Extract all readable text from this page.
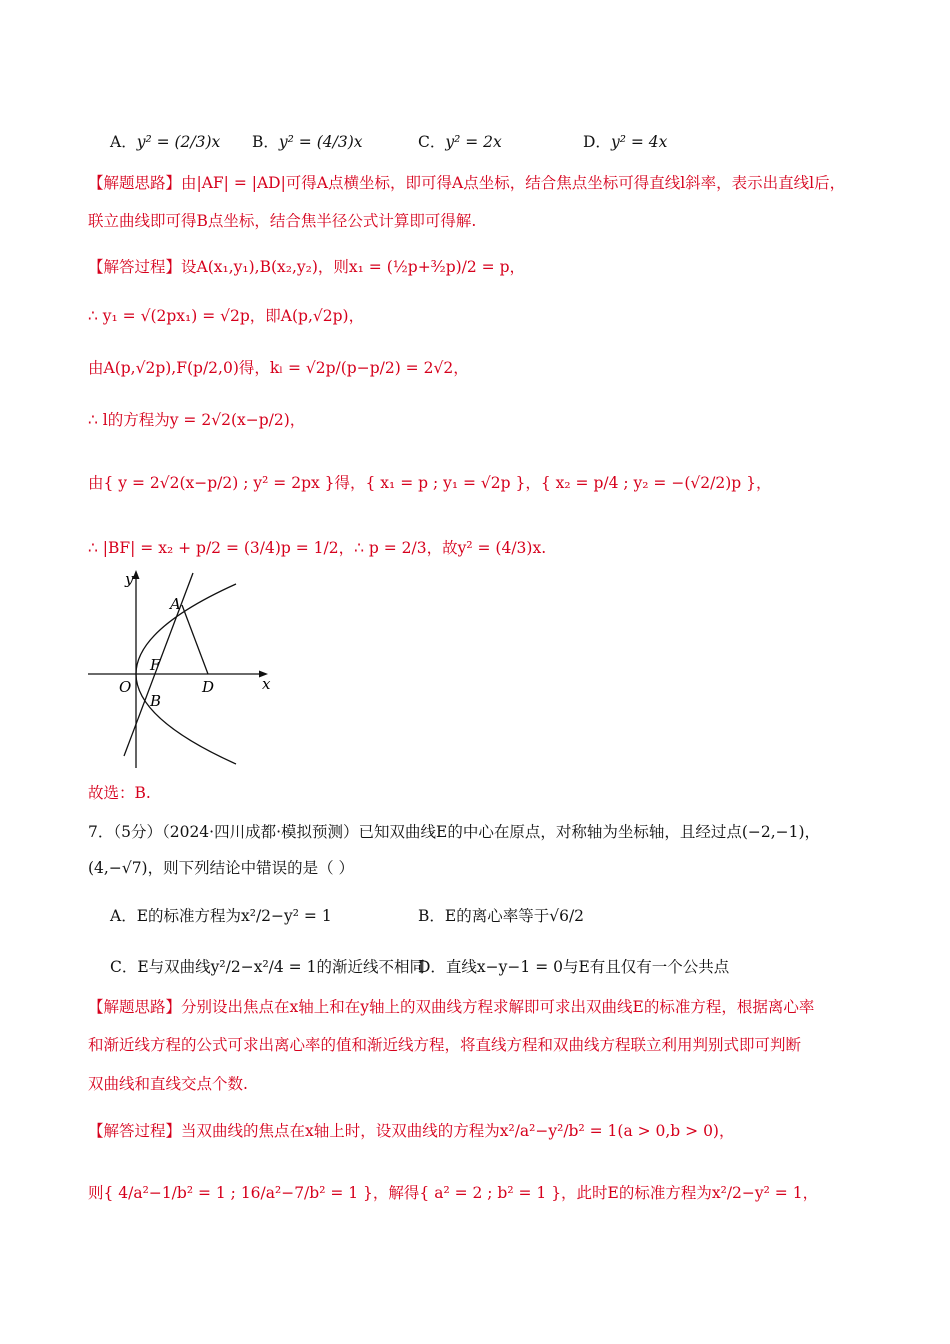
A．y² = (2/3)x B．y² = (4/3)x	C．y² = 2x	D．y² = 4x
【解题思路】由|AF| = |AD|可得A点横坐标，即可得A点坐标，结合焦点坐标可得直线l斜率，表示出直线l后，
联立曲线即可得B点坐标，结合焦半径公式计算即可得解.
【解答过程】设A(x₁,y₁),B(x₂,y₂)，则x₁ = (½p+³⁄₂p)/2 = p，
∴ y₁ = √(2px₁) = √2p，即A(p,√2p)，
由A(p,√2p),F(p/2,0)得，kₗ = √2p/(p−p/2) = 2√2，
∴ l的方程为y = 2√2(x−p/2)，
由{ y = 2√2(x−p/2) ; y² = 2px }得，{ x₁ = p ; y₁ = √2p }，{ x₂ = p/4 ; y₂ = −(√2/2)p }，
∴ |BF| = x₂ + p/2 = (3/4)p = 1/2，∴ p = 2/3，故y² = (4/3)x.
y
x
A
F
O	D
B
故选：B.
7．（5分）（2024·四川成都·模拟预测）已知双曲线E的中心在原点，对称轴为坐标轴，且经过点(−2,−1)，
(4,−√7)，则下列结论中错误的是（ ）
A．E的标准方程为x²/2−y² = 1	B．E的离心率等于√6/2
C．E与双曲线y²/2−x²/4 = 1的渐近线不相同
D．直线x−y−1 = 0与E有且仅有一个公共点
【解题思路】分别设出焦点在x轴上和在y轴上的双曲线方程求解即可求出双曲线E的标准方程，根据离心率
和渐近线方程的公式可求出离心率的值和渐近线方程，将直线方程和双曲线方程联立利用判别式即可判断
双曲线和直线交点个数.
【解答过程】当双曲线的焦点在x轴上时，设双曲线的方程为x²/a²−y²/b² = 1(a > 0,b > 0)，
则{ 4/a²−1/b² = 1 ; 16/a²−7/b² = 1 }，解得{ a² = 2 ; b² = 1 }，此时E的标准方程为x²/2−y² = 1，
